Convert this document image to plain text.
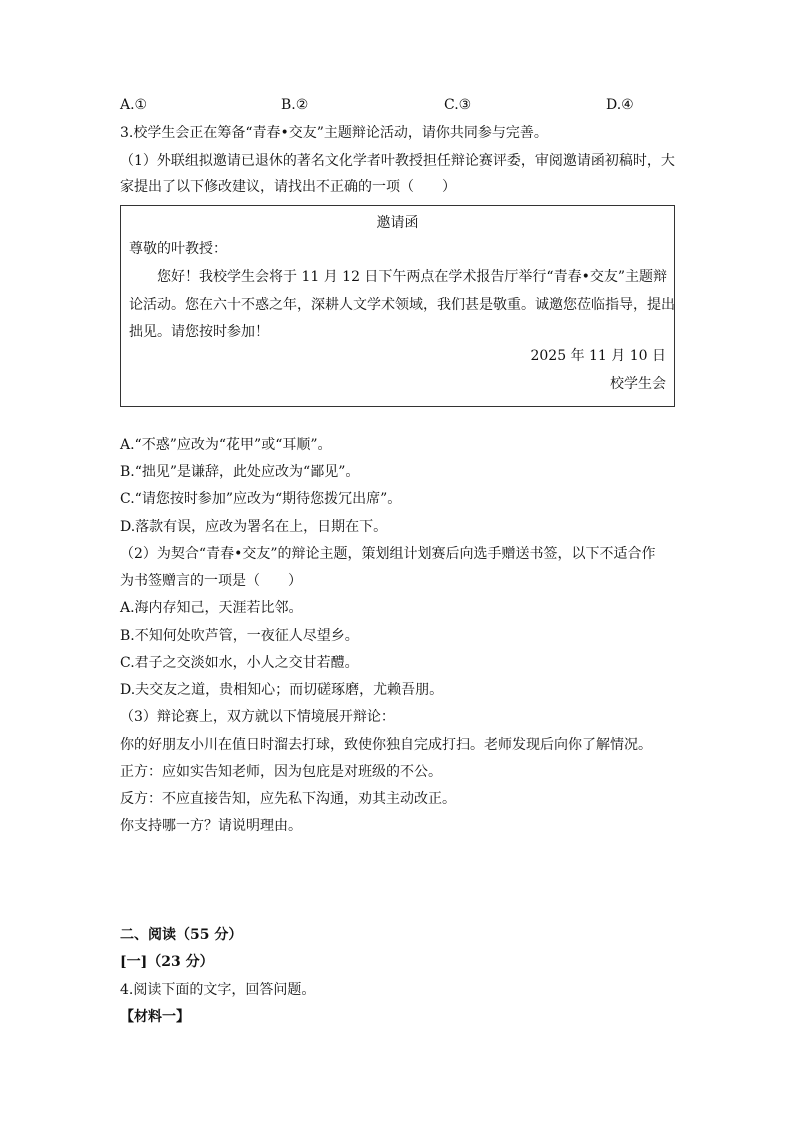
A.①	B.②	C.③	D.④
3.校学生会正在筹备“青春•交友”主题辩论活动，请你共同参与完善。
（1）外联组拟邀请已退休的著名文化学者叶教授担任辩论赛评委，审阅邀请函初稿时，大
家提出了以下修改建议，请找出不正确的一项（　　）
邀请函
尊敬的叶教授：
您好！我校学生会将于 11 月 12 日下午两点在学术报告厅举行“青春•交友”主题辩
论活动。您在六十不惑之年，深耕人文学术领域，我们甚是敬重。诚邀您莅临指导，提出
拙见。请您按时参加！
2025 年 11 月 10 日
校学生会
A.“不惑”应改为“花甲”或“耳顺”。
B.“拙见”是谦辞，此处应改为“鄙见”。
C.“请您按时参加”应改为“期待您拨冗出席”。
D.落款有误，应改为署名在上，日期在下。
（2）为契合“青春•交友”的辩论主题，策划组计划赛后向选手赠送书签，以下不适合作
为书签赠言的一项是（　　）
A.海内存知己，天涯若比邻。
B.不知何处吹芦管，一夜征人尽望乡。
C.君子之交淡如水，小人之交甘若醴。
D.夫交友之道，贵相知心；而切磋琢磨，尤赖吾朋。
（3）辩论赛上，双方就以下情境展开辩论：
你的好朋友小川在值日时溜去打球，致使你独自完成打扫。老师发现后向你了解情况。
正方：应如实告知老师，因为包庇是对班级的不公。
反方：不应直接告知，应先私下沟通，劝其主动改正。
你支持哪一方？请说明理由。
二、阅读（55 分）
[一]（23 分）
4.阅读下面的文字，回答问题。
【材料一】
